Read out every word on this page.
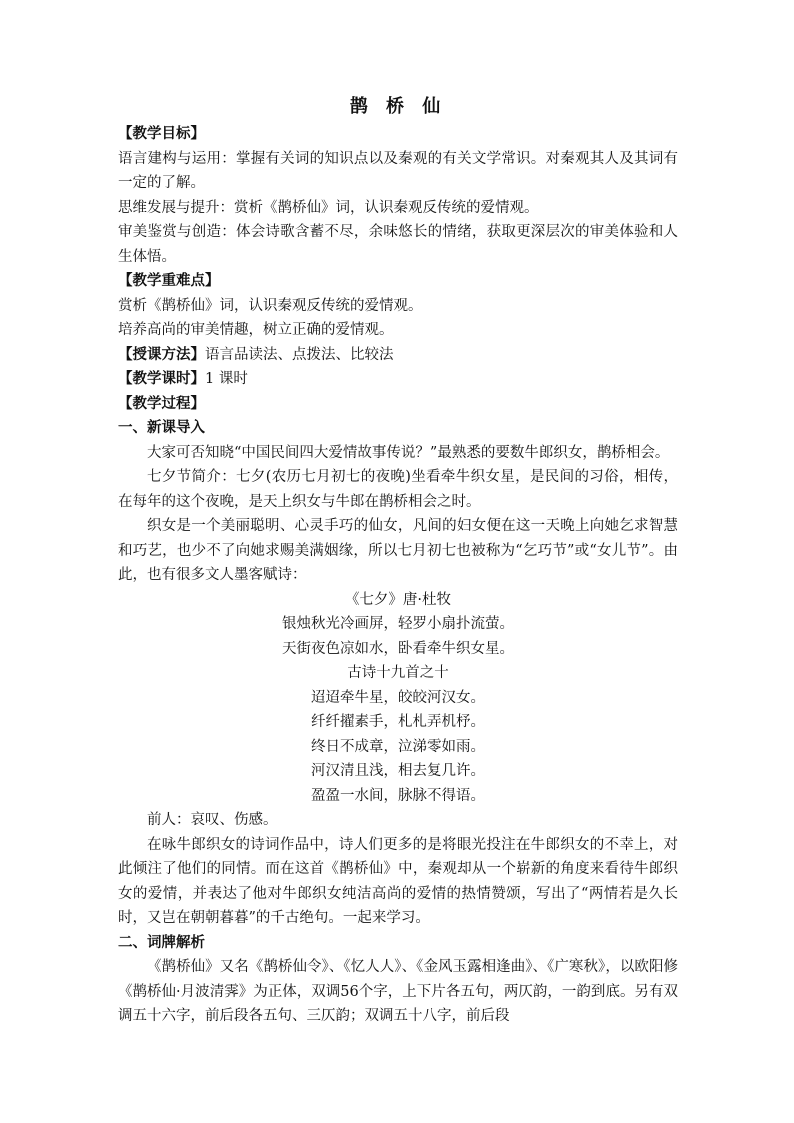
鹊 桥 仙

【教学目标】

语言建构与运用：掌握有关词的知识点以及秦观的有关文学常识。对秦观其人及其词有一定的了解。

思维发展与提升：赏析《鹊桥仙》词，认识秦观反传统的爱情观。

审美鉴赏与创造：体会诗歌含蓄不尽，余味悠长的情绪，获取更深层次的审美体验和人生体悟。

【教学重难点】

赏析《鹊桥仙》词，认识秦观反传统的爱情观。

培养高尚的审美情趣，树立正确的爱情观。

【授课方法】语言品读法、点拨法、比较法

【教学课时】1 课时

【教学过程】

一、新课导入

大家可否知晓“中国民间四大爱情故事传说？”最熟悉的要数牛郎织女，鹊桥相会。

七夕节简介：七夕(农历七月初七的夜晚)坐看牵牛织女星，是民间的习俗，相传，在每年的这个夜晚，是天上织女与牛郎在鹊桥相会之时。

织女是一个美丽聪明、心灵手巧的仙女，凡间的妇女便在这一天晚上向她乞求智慧和巧艺，也少不了向她求赐美满姻缘，所以七月初七也被称为“乞巧节”或“女儿节”。由此，也有很多文人墨客赋诗：

《七夕》唐·杜牧

银烛秋光冷画屏，轻罗小扇扑流萤。

天街夜色凉如水，卧看牵牛织女星。

古诗十九首之十

迢迢牵牛星，皎皎河汉女。

纤纤擢素手，札札弄机杼。

终日不成章，泣涕零如雨。

河汉清且浅，相去复几许。

盈盈一水间，脉脉不得语。

前人：哀叹、伤感。

在咏牛郎织女的诗词作品中，诗人们更多的是将眼光投注在牛郎织女的不幸上，对此倾注了他们的同情。而在这首《鹊桥仙》中，秦观却从一个崭新的角度来看待牛郎织女的爱情，并表达了他对牛郎织女纯洁高尚的爱情的热情赞颂，写出了“两情若是久长时，又岂在朝朝暮暮”的千古绝句。一起来学习。

二、词牌解析

《鹊桥仙》又名《鹊桥仙令》、《忆人人》、《金风玉露相逢曲》、《广寒秋》，以欧阳修《鹊桥仙·月波清霁》为正体，双调56个字，上下片各五句，两仄韵，一韵到底。另有双调五十六字，前后段各五句、三仄韵；双调五十八字，前后段
